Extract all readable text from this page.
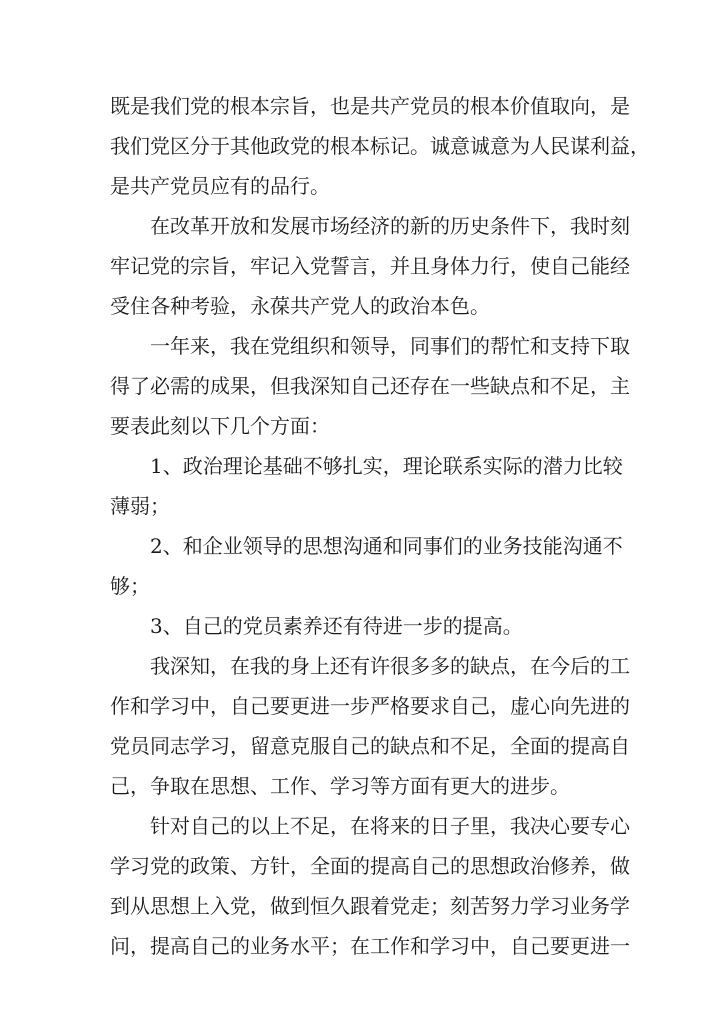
既是我们党的根本宗旨，也是共产党员的根本价值取向，是
我们党区分于其他政党的根本标记。诚意诚意为人民谋利益，
是共产党员应有的品行。
在改革开放和发展市场经济的新的历史条件下，我时刻
牢记党的宗旨，牢记入党誓言，并且身体力行，使自己能经
受住各种考验，永葆共产党人的政治本色。
一年来，我在党组织和领导，同事们的帮忙和支持下取
得了必需的成果，但我深知自己还存在一些缺点和不足，主
要表此刻以下几个方面：
1、政治理论基础不够扎实，理论联系实际的潜力比较
薄弱；
2、和企业领导的思想沟通和同事们的业务技能沟通不
够；
3、自己的党员素养还有待进一步的提高。
我深知，在我的身上还有许很多多的缺点，在今后的工
作和学习中，自己要更进一步严格要求自己，虚心向先进的
党员同志学习，留意克服自己的缺点和不足，全面的提高自
己，争取在思想、工作、学习等方面有更大的进步。
针对自己的以上不足，在将来的日子里，我决心要专心
学习党的政策、方针，全面的提高自己的思想政治修养，做
到从思想上入党，做到恒久跟着党走；刻苦努力学习业务学
问，提高自己的业务水平；在工作和学习中，自己要更进一
